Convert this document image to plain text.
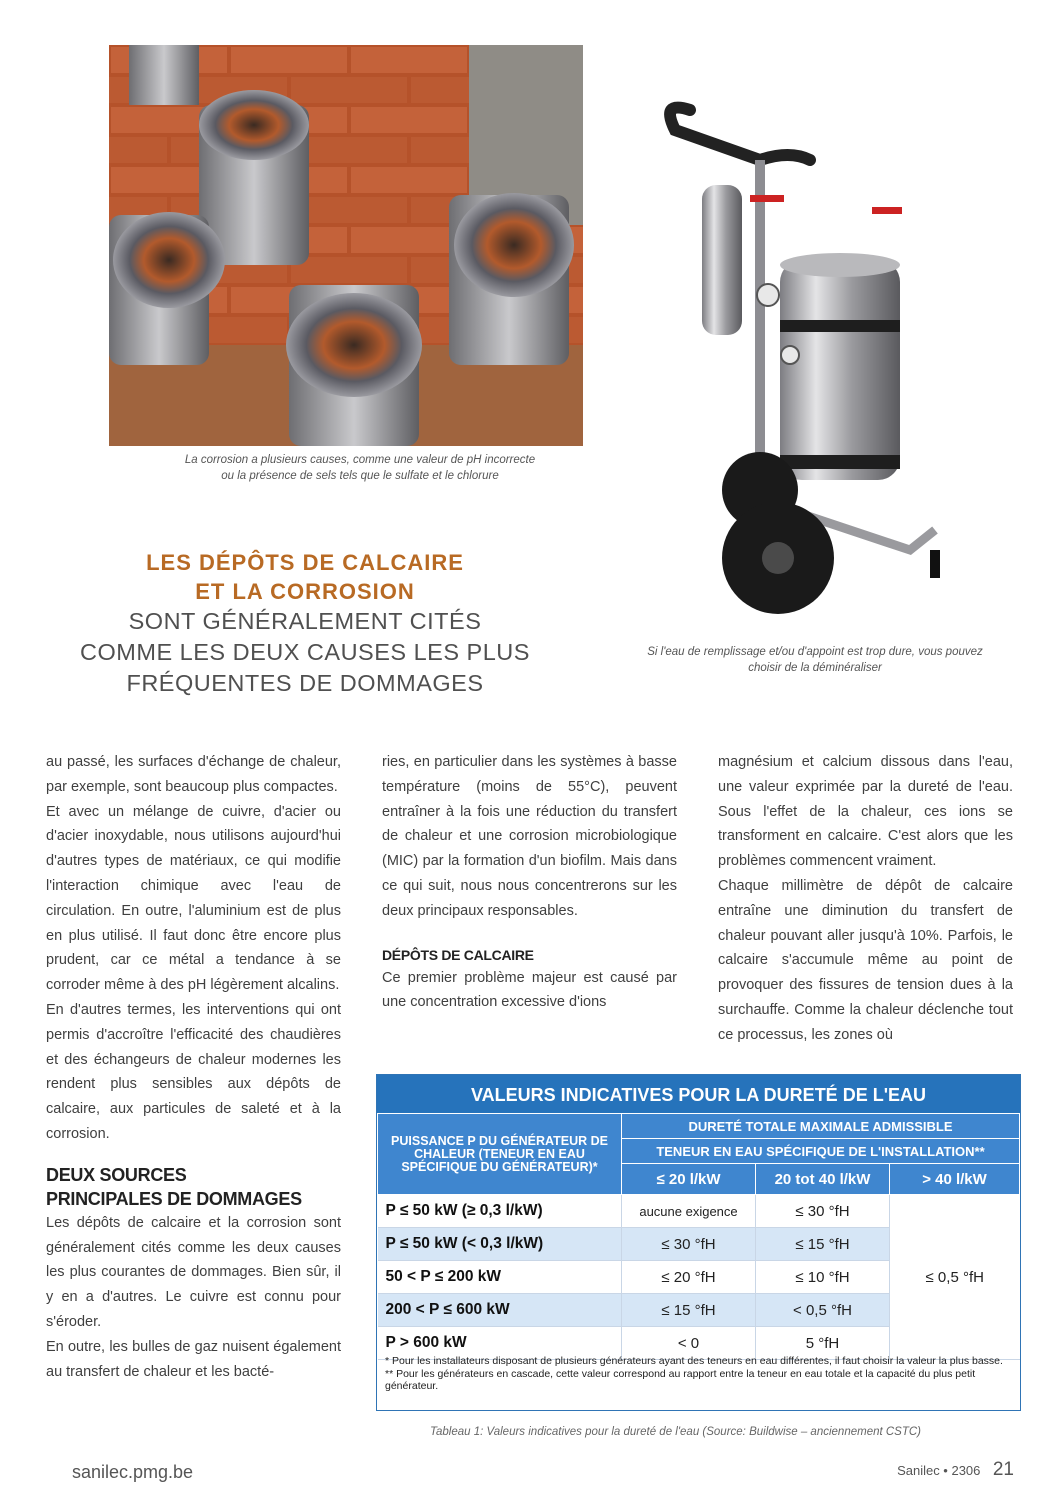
La corrosion a plusieurs causes, comme une valeur de pH incorrecte
ou la présence de sels tels que le sulfate et le chlorure
Si l'eau de remplissage et/ou d'appoint est trop dure, vous pouvez
choisir de la déminéraliser
LES DÉPÔTS DE CALCAIRE
ET LA CORROSION
SONT GÉNÉRALEMENT CITÉS
COMME LES DEUX CAUSES LES PLUS
FRÉQUENTES DE DOMMAGES

au passé, les surfaces d'échange de chaleur, par exemple, sont beaucoup plus compactes.

Et avec un mélange de cuivre, d'acier ou d'acier inoxydable, nous utilisons aujourd'hui d'autres types de matériaux, ce qui modifie l'interaction chimique avec l'eau de circulation. En outre, l'aluminium est de plus en plus utilisé. Il faut donc être encore plus prudent, car ce métal a tendance à se corroder même à des pH légèrement alcalins.

En d'autres termes, les interventions qui ont permis d'accroître l'efficacité des chaudières et des échangeurs de chaleur modernes les rendent plus sensibles aux dépôts de calcaire, aux particules de saleté et à la corrosion.

DEUX SOURCES
PRINCIPALES DE DOMMAGES

Les dépôts de calcaire et la corrosion sont généralement cités comme les deux causes les plus courantes de dommages. Bien sûr, il y en a d'autres. Le cuivre est connu pour s'éroder.

En outre, les bulles de gaz nuisent également au transfert de chaleur et les bacté-

ries, en particulier dans les systèmes à basse température (moins de 55°C), peuvent entraîner à la fois une réduction du transfert de chaleur et une corrosion microbiologique (MIC) par la formation d'un biofilm. Mais dans ce qui suit, nous nous concentrerons sur les deux principaux responsables.

DÉPÔTS DE CALCAIRE

Ce premier problème majeur est causé par une concentration excessive d'ions

magnésium et calcium dissous dans l'eau, une valeur exprimée par la dureté de l'eau. Sous l'effet de la chaleur, ces ions se transforment en calcaire. C'est alors que les problèmes commencent vraiment.

Chaque millimètre de dépôt de calcaire entraîne une diminution du transfert de chaleur pouvant aller jusqu'à 10%. Parfois, le calcaire s'accumule même au point de provoquer des fissures de tension dues à la surchauffe. Comme la chaleur déclenche tout ce processus, les zones où

VALEURS INDICATIVES POUR LA DURETÉ DE L'EAU
PUISSANCE P DU GÉNÉRATEUR DE CHALEUR (TENEUR EN EAU SPÉCIFIQUE DU GÉNÉRATEUR)*	DURETÉ TOTALE MAXIMALE ADMISSIBLE		
	TENEUR EN EAU SPÉCIFIQUE DE L'INSTALLATION**		
	≤ 20 l/kW	20 tot 40 l/kW	> 40 l/kW
P ≤ 50 kW (≥ 0,3 l/kW)	aucune exigence	≤ 30 °fH	≤ 0,5 °fH
P ≤ 50 kW (< 0,3 l/kW)	≤ 30 °fH	≤ 15 °fH	
50 < P ≤ 200 kW	≤ 20 °fH	≤ 10 °fH	
200 < P ≤ 600 kW	≤ 15 °fH	< 0,5 °fH	
P > 600 kW	< 0	5 °fH	
* Pour les installateurs disposant de plusieurs générateurs ayant des teneurs en eau différentes, il faut choisir la valeur la plus basse. ** Pour les générateurs en cascade, cette valeur correspond au rapport entre la teneur en eau totale et la capacité du plus petit générateur.
Tableau 1: Valeurs indicatives pour la dureté de l'eau (Source: Buildwise – anciennement CSTC)
sanilec.pmg.be	Sanilec • 2306 21
